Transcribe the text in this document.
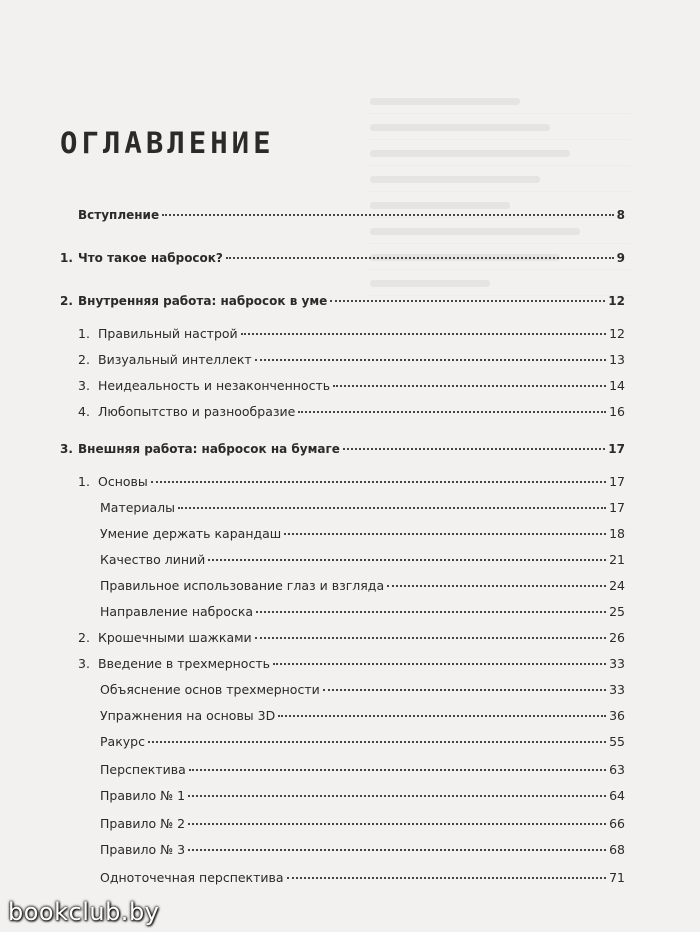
ОГЛАВЛЕНИЕ
Вступление	8
1. Что такое набросок?	9
2. Внутренняя работа: набросок в уме	12
1. Правильный настрой	12
2. Визуальный интеллект	13
3. Неидеальность и незаконченность	14
4. Любопытство и разнообразие	16
3. Внешняя работа: набросок на бумаге	17
1. Основы	17
Материалы	17
Умение держать карандаш	18
Качество линий	21
Правильное использование глаз и взгляда	24
Направление наброска	25
2. Крошечными шажками	26
3. Введение в трехмерность	33
Объяснение основ трехмерности	33
Упражнения на основы 3D	36
Ракурс	55
Перспектива	63
Правило № 1	64
Правило № 2	66
Правило № 3	68
Одноточечная перспектива	71
bookclub.by
